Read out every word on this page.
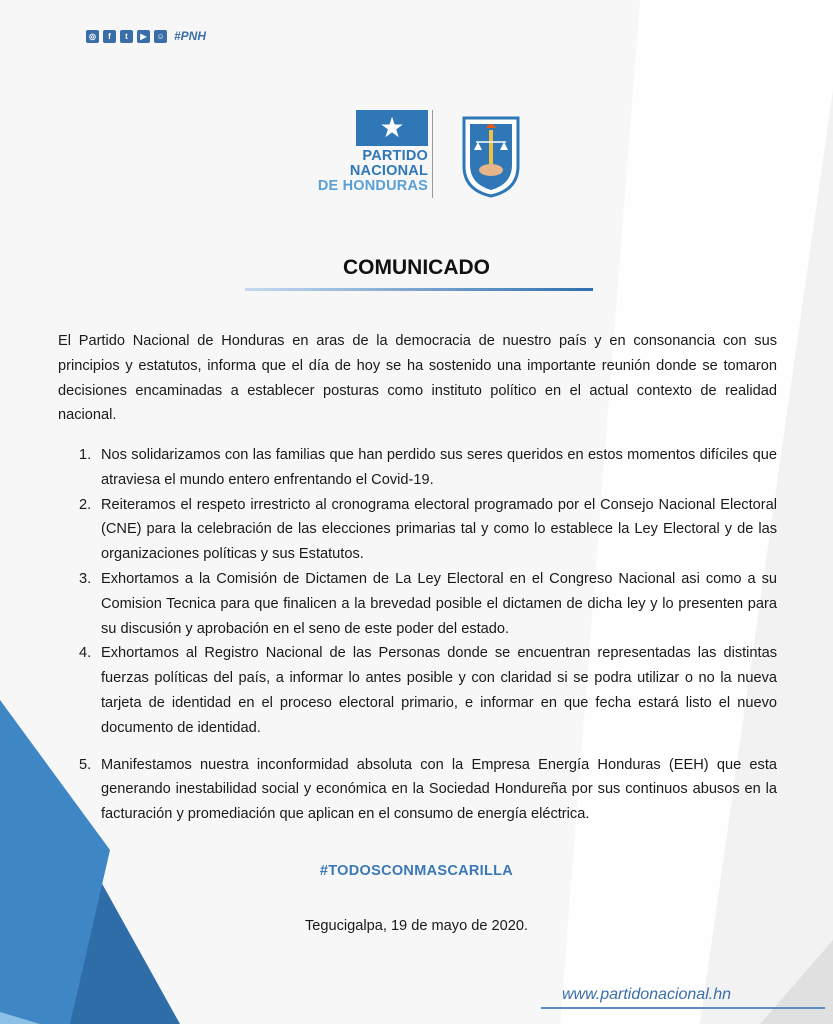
◎	f	t	▶	☺ #PNH
★
PARTIDO
NACIONAL
DE HONDURAS
COMUNICADO
El Partido Nacional de Honduras en aras de la democracia de nuestro país y en consonancia con sus principios y estatutos, informa que el día de hoy se ha sostenido una importante reunión donde se tomaron decisiones encaminadas a establecer posturas como instituto político en el actual contexto de realidad nacional.
1. Nos solidarizamos con las familias que han perdido sus seres queridos en estos momentos difíciles que atraviesa el mundo entero enfrentando el Covid-19.
2. Reiteramos el respeto irrestricto al cronograma electoral programado por el Consejo Nacional Electoral (CNE) para la celebración de las elecciones primarias tal y como lo establece la Ley Electoral y de las organizaciones políticas y sus Estatutos.
3. Exhortamos a la Comisión de Dictamen de La Ley Electoral en el Congreso Nacional asi como a su Comision Tecnica para que finalicen a la brevedad posible el dictamen de dicha ley y lo presenten para su discusión y aprobación en el seno de este poder del estado.
4. Exhortamos al Registro Nacional de las Personas donde se encuentran representadas las distintas fuerzas políticas del país, a informar lo antes posible y con claridad si se podra utilizar o no la nueva tarjeta de identidad en el proceso electoral primario, e informar en que fecha estará listo el nuevo documento de identidad.
5. Manifestamos nuestra inconformidad absoluta con la Empresa Energía Honduras (EEH) que esta generando inestabilidad social y económica en la Sociedad Hondureña por sus continuos abusos en la facturación y promediación que aplican en el consumo de energía eléctrica.
#TODOSCONMASCARILLA
Tegucigalpa, 19 de mayo de 2020.
www.partidonacional.hn
